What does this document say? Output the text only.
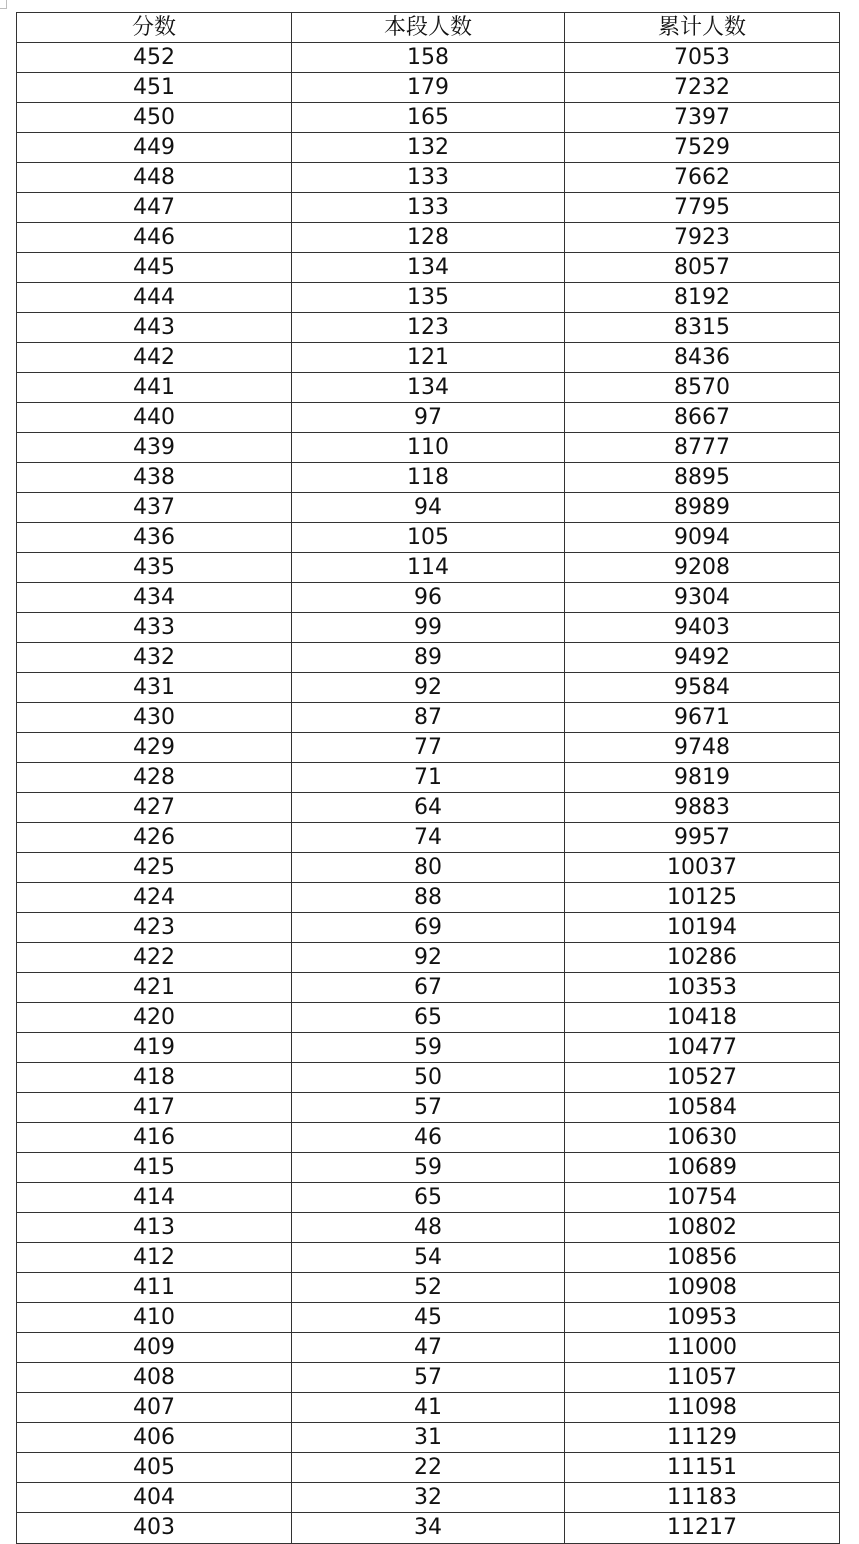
分数	本段人数	累计人数
452	158	7053
451	179	7232
450	165	7397
449	132	7529
448	133	7662
447	133	7795
446	128	7923
445	134	8057
444	135	8192
443	123	8315
442	121	8436
441	134	8570
440	97	8667
439	110	8777
438	118	8895
437	94	8989
436	105	9094
435	114	9208
434	96	9304
433	99	9403
432	89	9492
431	92	9584
430	87	9671
429	77	9748
428	71	9819
427	64	9883
426	74	9957
425	80	10037
424	88	10125
423	69	10194
422	92	10286
421	67	10353
420	65	10418
419	59	10477
418	50	10527
417	57	10584
416	46	10630
415	59	10689
414	65	10754
413	48	10802
412	54	10856
411	52	10908
410	45	10953
409	47	11000
408	57	11057
407	41	11098
406	31	11129
405	22	11151
404	32	11183
403	34	11217
